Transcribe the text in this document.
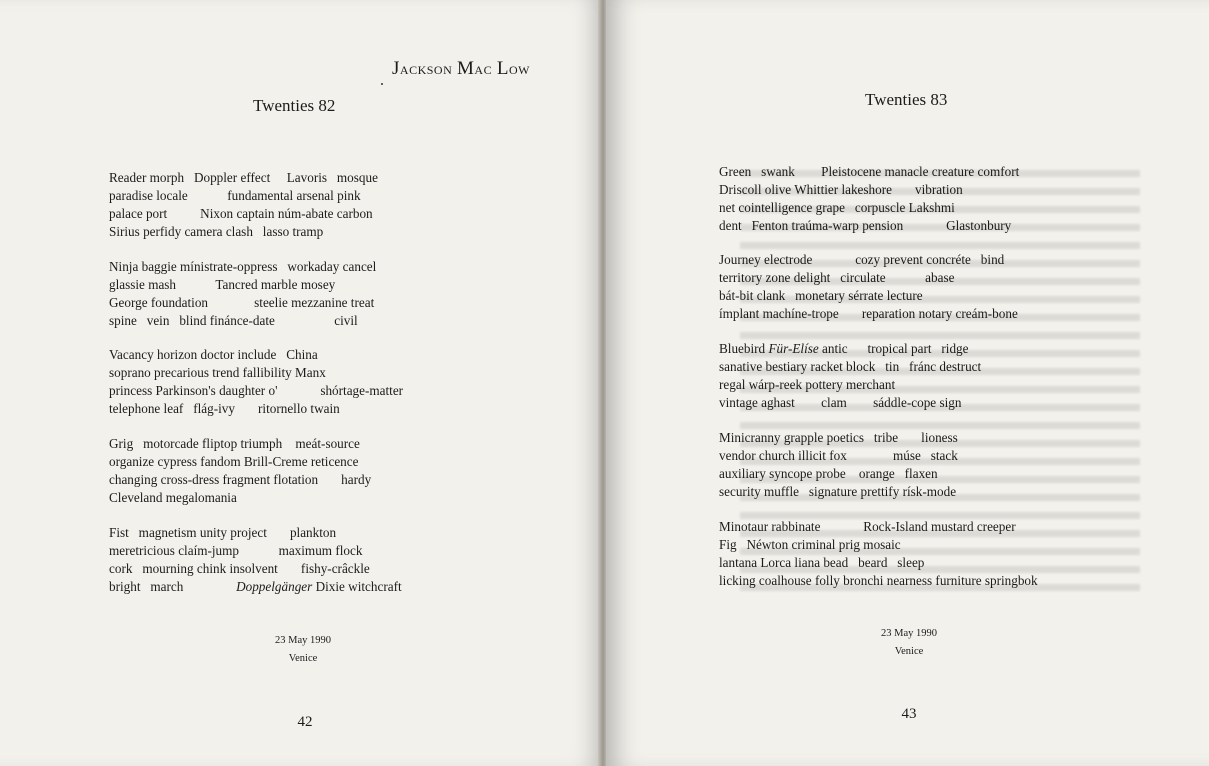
Jackson Mac Low
Twenties 82
Reader morph   Doppler effect     Lavoris   mosque
paradise locale            fundamental arsenal pink
palace port          Nixon captain núm-abate carbon
Sirius perfidy camera clash   lasso tramp
Ninja baggie mínistrate-oppress   workaday cancel
glassie mash            Tancred marble mosey
George foundation              steelie mezzanine treat
spine   vein   blind finánce-date                  civil
Vacancy horizon doctor include   China
soprano precarious trend fallibility Manx
princess Parkinson's daughter o'             shórtage-matter
telephone leaf   flág-ivy       ritornello twain
Grig   motorcade fliptop triumph    meát-source
organize cypress fandom Brill-Creme reticence
changing cross-dress fragment flotation       hardy
Cleveland megalomania
Fist   magnetism unity project       plankton
meretricious claím-jump            maximum flock
cork   mourning chink insolvent       fishy-crâckle
bright   march	Doppelgänger Dixie witchcraft
23 May 1990
Venice
42
Twenties 83
Green   swank        Pleistocene manacle creature comfort
Driscoll olive Whittier lakeshore       vibration
net cointelligence grape   corpuscle Lakshmi
dent   Fenton traúma-warp pension             Glastonbury
Journey electrode             cozy prevent concréte   bind
territory zone delight   circulate            abase
bát-bit clank   monetary sérrate lecture
ímplant machíne-trope       reparation notary creám-bone
Bluebird Für-Elíse antic      tropical part   ridge
sanative bestiary racket block   tin   fránc destruct
regal wárp-reek pottery merchant
vintage aghast        clam        sáddle-cope sign
Minicranny grapple poetics   tribe       lioness
vendor church illicit fox              múse   stack
auxiliary syncope probe    orange   flaxen
security muffle   signature prettify rísk-mode
Minotaur rabbinate             Rock-Island mustard creeper
Fig   Néwton criminal prig mosaic
lantana Lorca liana bead   beard   sleep
licking coalhouse folly bronchi nearness furniture springbok
23 May 1990
Venice
43
